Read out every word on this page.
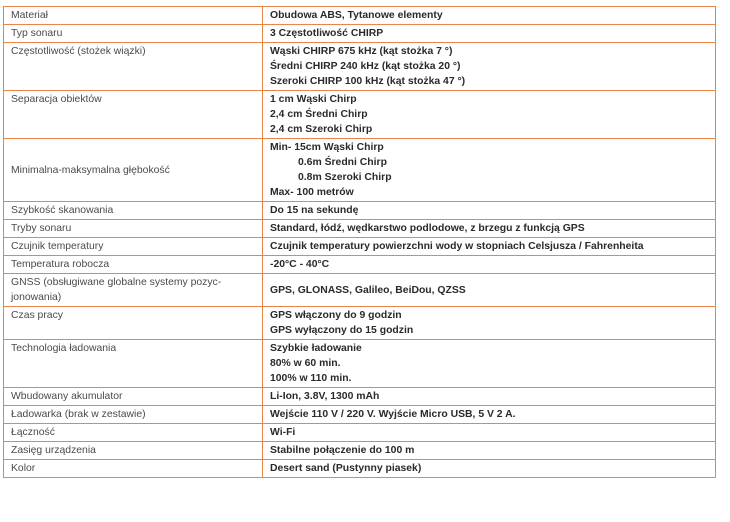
Materiał	Obudowa ABS, Tytanowe elementy

Typ sonaru	3 Częstotliwość CHIRP

Częstotliwość (stożek wiązki)	Wąski CHIRP 675 kHz (kąt stożka 7 °)
Średni CHIRP 240 kHz (kąt stożka 20 °)
Szeroki CHIRP 100 kHz (kąt stożka 47 °)

Separacja obiektów	1 cm Wąski Chirp
2,4 cm Średni Chirp
2,4 cm Szeroki Chirp

Minimalna-maksymalna głębokość	Min- 15cm Wąski Chirp
0.6m Średni Chirp
0.8m Szeroki Chirp
Max- 100 metrów

Szybkość skanowania	Do 15 na sekundę

Tryby sonaru	Standard, łódź, wędkarstwo podlodowe, z brzegu z funkcją GPS

Czujnik temperatury	Czujnik temperatury powierzchni wody w stopniach Celsjusza / Fahrenheita

Temperatura robocza	-20°C - 40°C

GNSS (obsługiwane globalne systemy pozyc-
jonowania)	GPS, GLONASS, Galileo, BeiDou, QZSS

Czas pracy	GPS włączony do 9 godzin
GPS wyłączony do 15 godzin

Technologia ładowania	Szybkie ładowanie
80% w 60 min.
100% w 110 min.

Wbudowany akumulator	Li-Ion, 3.8V, 1300 mAh

Ładowarka (brak w zestawie)	Wejście 110 V / 220 V. Wyjście Micro USB, 5 V 2 A.

Łączność	Wi-Fi

Zasięg urządzenia	Stabilne połączenie do 100 m

Kolor	Desert sand (Pustynny piasek)
